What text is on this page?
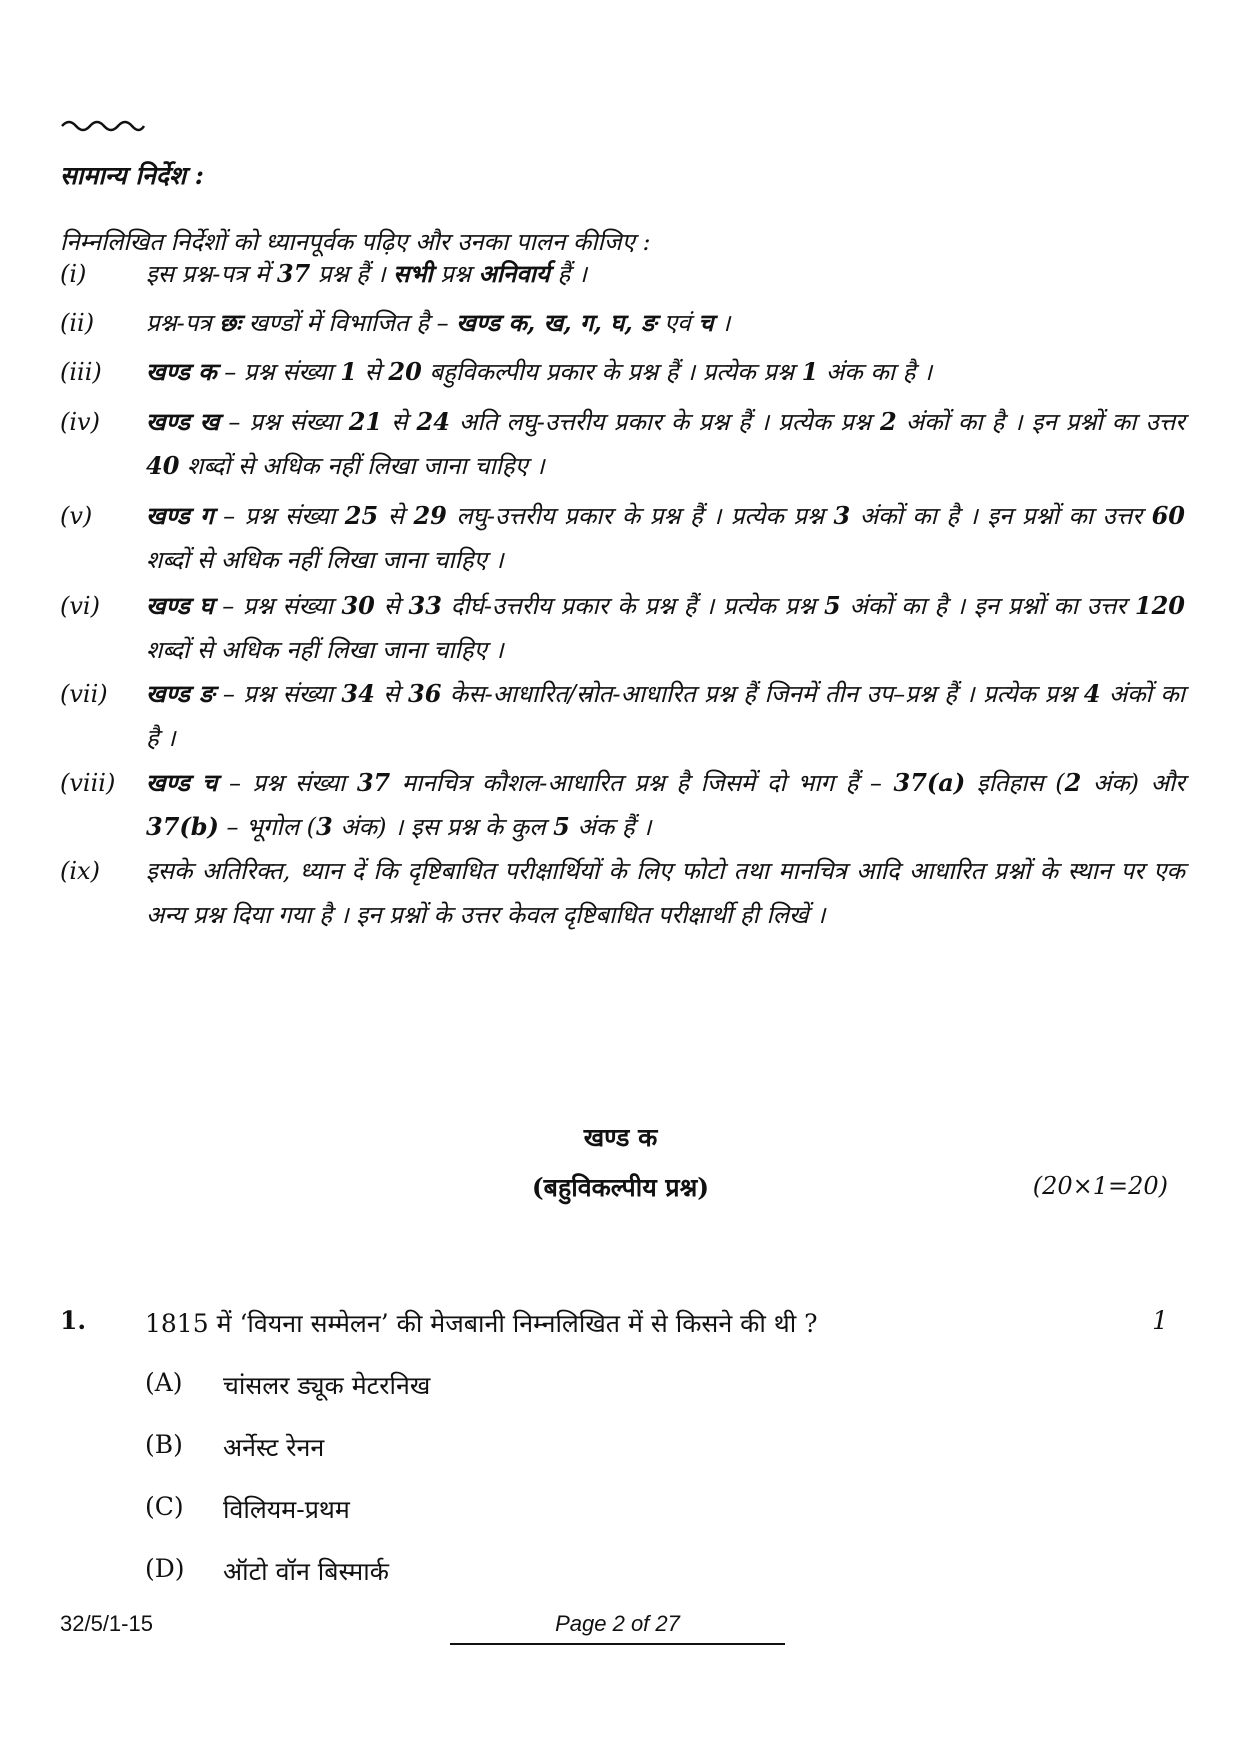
सामान्य निर्देश :
निम्नलिखित निर्देशों को ध्यानपूर्वक पढ़िए और उनका पालन कीजिए :
(i)	इस प्रश्न-पत्र में 37 प्रश्न हैं । सभी प्रश्न अनिवार्य हैं ।
(ii)	प्रश्न-पत्र छः खण्डों में विभाजित है – खण्ड क, ख, ग, घ, ङ एवं च ।
(iii)	खण्ड क – प्रश्न संख्या 1 से 20 बहुविकल्पीय प्रकार के प्रश्न हैं । प्रत्येक प्रश्न 1 अंक का है ।
(iv)	खण्ड ख – प्रश्न संख्या 21 से 24 अति लघु-उत्तरीय प्रकार के प्रश्न हैं । प्रत्येक प्रश्न 2 अंकों का है । इन प्रश्नों का उत्तर 40 शब्दों से अधिक नहीं लिखा जाना चाहिए ।
(v)	खण्ड ग – प्रश्न संख्या 25 से 29 लघु-उत्तरीय प्रकार के प्रश्न हैं । प्रत्येक प्रश्न 3 अंकों का है । इन प्रश्नों का उत्तर 60 शब्दों से अधिक नहीं लिखा जाना चाहिए ।
(vi)	खण्ड घ – प्रश्न संख्या 30 से 33 दीर्घ-उत्तरीय प्रकार के प्रश्न हैं । प्रत्येक प्रश्न 5 अंकों का है । इन प्रश्नों का उत्तर 120 शब्दों से अधिक नहीं लिखा जाना चाहिए ।
(vii)	खण्ड ङ – प्रश्न संख्या 34 से 36 केस-आधारित/स्रोत-आधारित प्रश्न हैं जिनमें तीन उप–प्रश्न हैं । प्रत्येक प्रश्न 4 अंकों का है ।
(viii)	खण्ड च – प्रश्न संख्या 37 मानचित्र कौशल-आधारित प्रश्न है जिसमें दो भाग हैं – 37(a) इतिहास (2 अंक) और 37(b) – भूगोल (3 अंक) । इस प्रश्न के कुल 5 अंक हैं ।
(ix)	इसके अतिरिक्त, ध्यान दें कि दृष्टिबाधित परीक्षार्थियों के लिए फोटो तथा मानचित्र आदि आधारित प्रश्नों के स्थान पर एक अन्य प्रश्न दिया गया है । इन प्रश्नों के उत्तर केवल दृष्टिबाधित परीक्षार्थी ही लिखें ।
खण्ड क
(बहुविकल्पीय प्रश्न)	(20×1=20)
1. 1815 में ‘वियना सम्मेलन’ की मेजबानी निम्नलिखित में से किसने की थी ?	1
(A)	चांसलर ड्यूक मेटरनिख
(B)	अर्नेस्ट रेनन
(C)	विलियम-प्रथम
(D)	ऑटो वॉन बिस्मार्क
32/5/1-15	Page 2 of 27
